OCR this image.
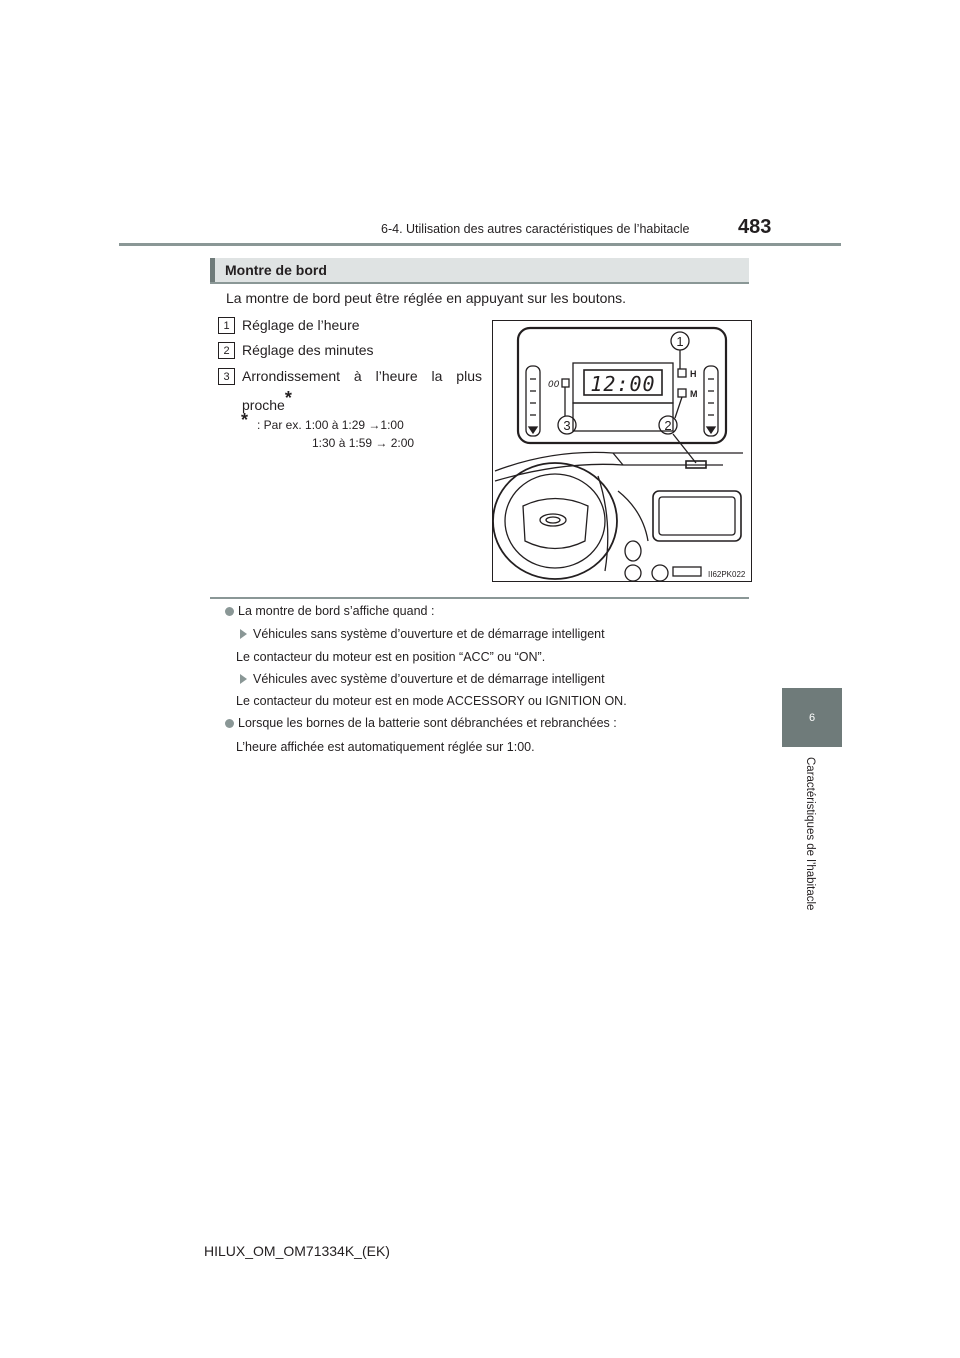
6-4. Utilisation des autres caractéristiques de l’habitacle 483
6
Caractéristiques de l’habitacle
Montre de bord
La montre de bord peut être réglée en appuyant sur les boutons.
1 Réglage de l’heure
2 Réglage des minutes
3 Arrondissement à l’heure la plus
proche*
* : Par ex. 1:00 à 1:29 →1:00
1:30 à 1:59 → 2:00
00 12:00	H
M
1
2
3
II62PK022
La montre de bord s’affiche quand :
Véhicules sans système d’ouverture et de démarrage intelligent
Le contacteur du moteur est en position “ACC” ou “ON”.
Véhicules avec système d’ouverture et de démarrage intelligent
Le contacteur du moteur est en mode ACCESSORY ou IGNITION ON.
Lorsque les bornes de la batterie sont débranchées et rebranchées :
L’heure affichée est automatiquement réglée sur 1:00.
HILUX_OM_OM71334K_(EK)
